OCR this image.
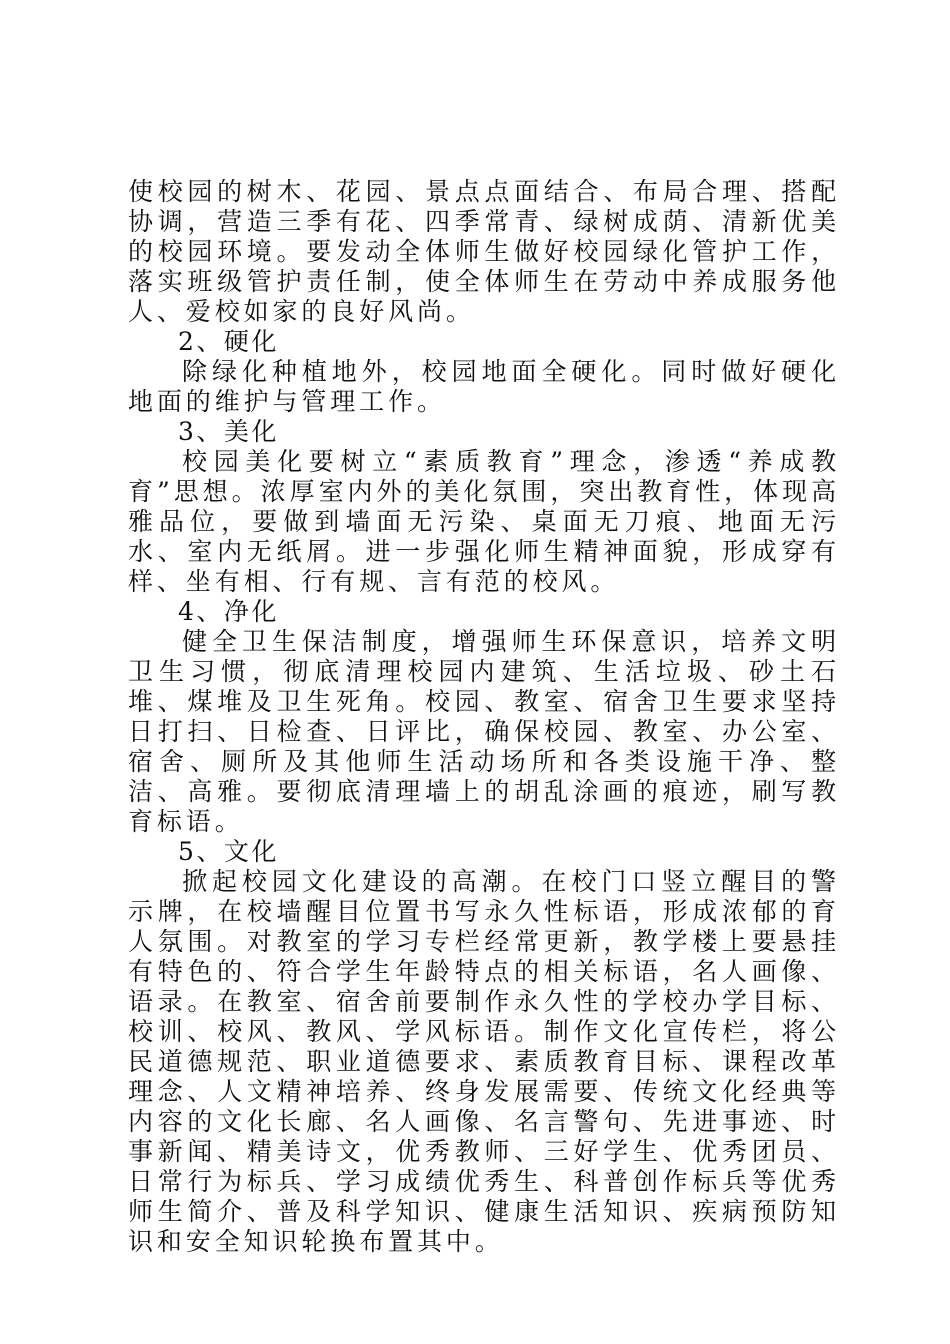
使校园的树木、花园、景点点面结合、布局合理、搭配协调，营造三季有花、四季常青、绿树成荫、清新优美的校园环境。要发动全体师生做好校园绿化管护工作，落实班级管护责任制，使全体师生在劳动中养成服务他人、爱校如家的良好风尚。

2、硬化

除绿化种植地外，校园地面全硬化。同时做好硬化地面的维护与管理工作。

3、美化

校园美化要树立“素质教育”理念，渗透“养成教育”思想。浓厚室内外的美化氛围，突出教育性，体现高雅品位，要做到墙面无污染、桌面无刀痕、地面无污水、室内无纸屑。进一步强化师生精神面貌，形成穿有样、坐有相、行有规、言有范的校风。

4、净化

健全卫生保洁制度，增强师生环保意识，培养文明卫生习惯，彻底清理校园内建筑、生活垃圾、砂土石堆、煤堆及卫生死角。校园、教室、宿舍卫生要求坚持日打扫、日检查、日评比，确保校园、教室、办公室、宿舍、厕所及其他师生活动场所和各类设施干净、整洁、高雅。要彻底清理墙上的胡乱涂画的痕迹，刷写教育标语。

5、文化

掀起校园文化建设的高潮。在校门口竖立醒目的警示牌，在校墙醒目位置书写永久性标语，形成浓郁的育人氛围。对教室的学习专栏经常更新，教学楼上要悬挂有特色的、符合学生年龄特点的相关标语，名人画像、语录。在教室、宿舍前要制作永久性的学校办学目标、校训、校风、教风、学风标语。制作文化宣传栏，将公民道德规范、职业道德要求、素质教育目标、课程改革理念、人文精神培养、终身发展需要、传统文化经典等内容的文化长廊、名人画像、名言警句、先进事迹、时事新闻、精美诗文，优秀教师、三好学生、优秀团员、日常行为标兵、学习成绩优秀生、科普创作标兵等优秀师生简介、普及科学知识、健康生活知识、疾病预防知识和安全知识轮换布置其中。
